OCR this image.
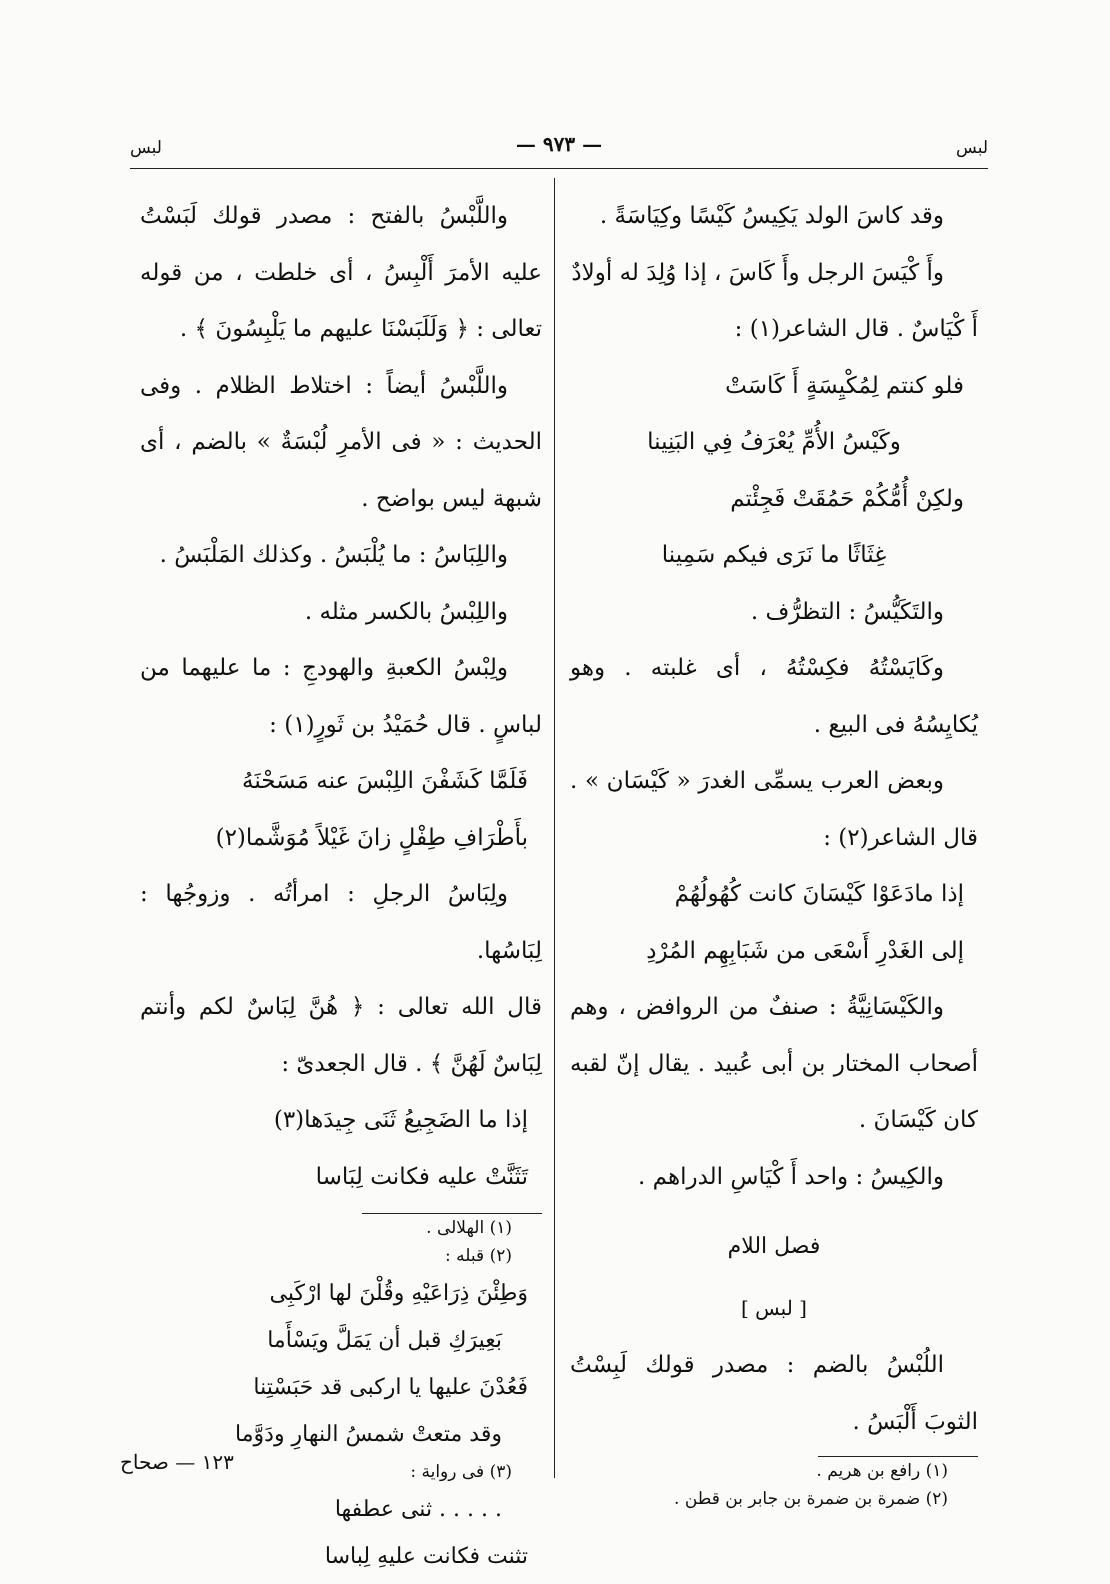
لبس
— ٩٧٣ —
لبس

وقد كاسَ الولد يَكِيسُ كَيْسًا وكِيَاسَةً .

وأَ كْيَسَ الرجل وأَ كَاسَ ، إذا وُلِدَ له أولادٌ

أَ كْيَاسٌ . قال الشاعر(١) :

فلو كنتم لِمُكْيِسَةٍ أَ كَاسَتْ

وكَيْسُ الأُمِّ يُعْرَفُ فِي البَنِينا

ولكِنْ أُمُّكُمْ حَمُقَتْ فَجِئْتم

غِثَاثًا ما نَرَى فيكم سَمِينا

والتَكَيُّسُ : التظرُّف .

وكَايَسْتُهُ فكِسْتُهُ ، أى غلبته . وهو يُكايِسُهُ فى البيع .

وبعض العرب يسمِّى الغدرَ « كَيْسَان » . قال الشاعر(٢) :

إذا مادَعَوْا كَيْسَانَ كانت كُهُولُهُمْ

إلى الغَدْرِ أَسْعَى من شَبَابِهِم المُرْدِ

والكَيْسَانِيَّةُ : صنفٌ من الروافض ، وهم أصحاب المختار بن أبى عُبيد . يقال إنّ لقبه كان كَيْسَانَ .

والكِيسُ : واحد أَ كْيَاسِ الدراهم .

فصل اللام

[ لبس ]

اللُبْسُ بالضم : مصدر قولك لَبِسْتُ الثوبَ أَلْبَسُ .

(١) رافع بن هريم .

(٢) ضمرة بن ضمرة بن جابر بن قطن .

واللَّبْسُ بالفتح : مصدر قولك لَبَسْتُ عليه الأمرَ أَلْبِسُ ، أى خلطت ، من قوله تعالى : ﴿ وَلَلَبَسْنَا عليهم ما يَلْبِسُونَ ﴾ .

واللَّبْسُ أيضاً : اختلاط الظلام . وفى الحديث : « فى الأمرِ لُبْسَةٌ » بالضم ، أى شبهة ليس بواضح .

واللِبَاسُ : ما يُلْبَسُ . وكذلك المَلْبَسُ .

واللِبْسُ بالكسر مثله .

ولِبْسُ الكعبةِ والهودجِ : ما عليهما من لباسٍ . قال حُمَيْدُ بن ثَورٍ(١) :

فَلَمَّا كَشَفْنَ اللِبْسَ عنه مَسَحْنَهُ

بأَطْرَافِ طِفْلٍ زانَ غَيْلاً مُوَشَّما(٢)

ولِبَاسُ الرجلِ : امرأتُه . وزوجُها : لِبَاسُها.

قال الله تعالى : ﴿ هُنَّ لِبَاسٌ لكم وأنتم لِبَاسٌ لَهُنَّ ﴾ . قال الجعدىّ :

إذا ما الضَجِيعُ ثَنَى جِيدَها(٣)

تَثَنَّتْ عليه فكانت لِبَاسا

(١) الهلالى .

(٢) قبله :

وَطِئْنَ ذِرَاعَيْهِ وقُلْنَ لها ارْكَبِى

بَعِيرَكِ قبل أن يَمَلَّ ويَسْأَما

فَعُدْنَ عليها يا اركبى قد حَبَسْتِنا

وقد متعتْ شمسُ النهارِ ودَوَّما

(٣) فى رواية :

. . . . . ثنى عطفها

تثنت فكانت عليهِ لِباسا

١٢٣ — صحاح
